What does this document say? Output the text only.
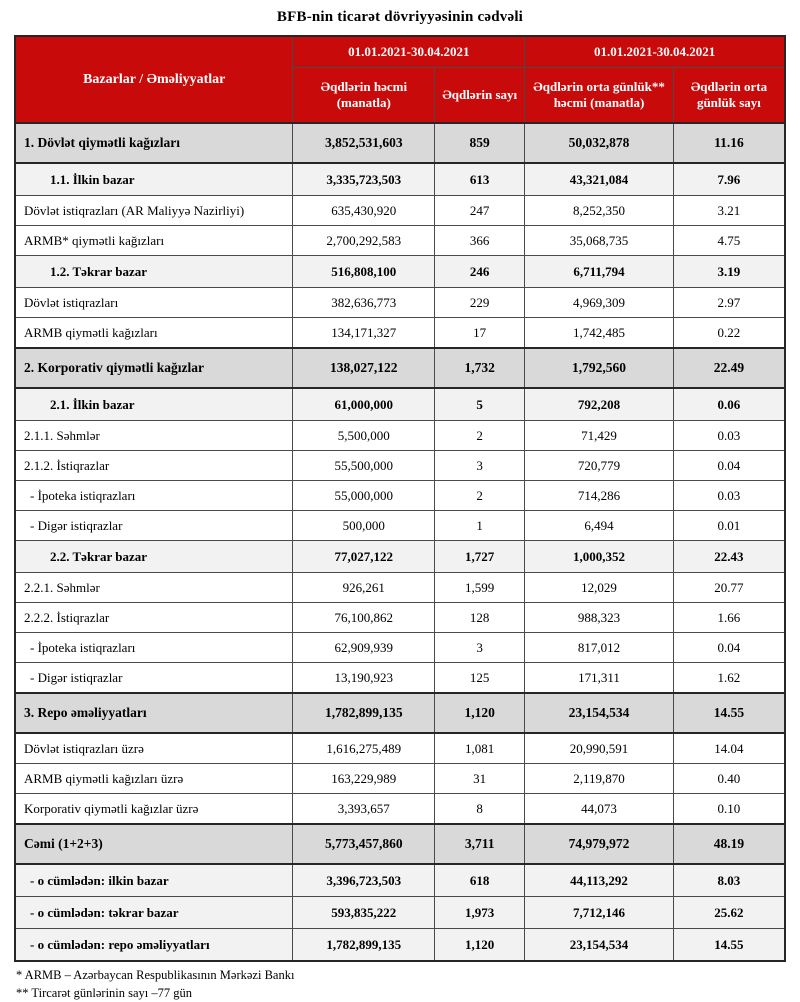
BFB-nin ticarət dövriyyəsinin cədvəli
Bazarlar / Əməliyyatlar	01.01.2021-30.04.2021		01.01.2021-30.04.2021	
	Əqdlərin həcmi (manatla)	Əqdlərin sayı	Əqdlərin orta günlük** həcmi (manatla)	Əqdlərin orta günlük sayı
1. Dövlət qiymətli kağızları	3,852,531,603	859	50,032,878	11.16
1.1. İlkin bazar	3,335,723,503	613	43,321,084	7.96
Dövlət istiqrazları (AR Maliyyə Nazirliyi)	635,430,920	247	8,252,350	3.21
ARMB* qiymətli kağızları	2,700,292,583	366	35,068,735	4.75
1.2. Təkrar bazar	516,808,100	246	6,711,794	3.19
Dövlət istiqrazları	382,636,773	229	4,969,309	2.97
ARMB qiymətli kağızları	134,171,327	17	1,742,485	0.22
2. Korporativ qiymətli kağızlar	138,027,122	1,732	1,792,560	22.49
2.1. İlkin bazar	61,000,000	5	792,208	0.06
2.1.1. Səhmlər	5,500,000	2	71,429	0.03
2.1.2. İstiqrazlar	55,500,000	3	720,779	0.04
- İpoteka istiqrazları	55,000,000	2	714,286	0.03
- Digər istiqrazlar	500,000	1	6,494	0.01
2.2. Təkrar bazar	77,027,122	1,727	1,000,352	22.43
2.2.1. Səhmlər	926,261	1,599	12,029	20.77
2.2.2. İstiqrazlar	76,100,862	128	988,323	1.66
- İpoteka istiqrazları	62,909,939	3	817,012	0.04
- Digər istiqrazlar	13,190,923	125	171,311	1.62
3. Repo əməliyyatları	1,782,899,135	1,120	23,154,534	14.55
Dövlət istiqrazları üzrə	1,616,275,489	1,081	20,990,591	14.04
ARMB qiymətli kağızları üzrə	163,229,989	31	2,119,870	0.40
Korporativ qiymətli kağızlar üzrə	3,393,657	8	44,073	0.10
Cəmi (1+2+3)	5,773,457,860	3,711	74,979,972	48.19
- o cümlədən: ilkin bazar	3,396,723,503	618	44,113,292	8.03
- o cümlədən: təkrar bazar	593,835,222	1,973	7,712,146	25.62
- o cümlədən: repo əməliyyatları	1,782,899,135	1,120	23,154,534	14.55
* ARMB – Azərbaycan Respublikasının Mərkəzi Bankı
** Tircarət günlərinin sayı –77 gün
